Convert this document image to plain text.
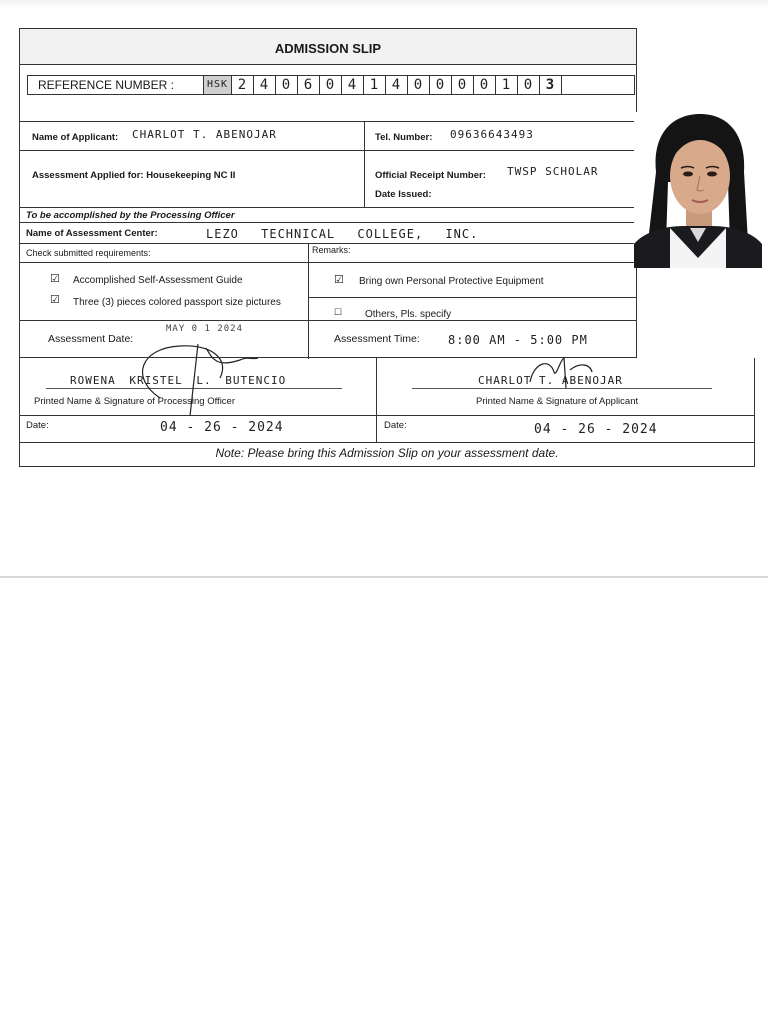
ADMISSION SLIP
REFERENCE NUMBER :	HSK 2 4 0 6 0 4 1 4 0 0 0 0 1 0 3
Name of Applicant: CHARLOT T. ABENOJAR	Tel. Number: 09636643493
Assessment Applied for: Housekeeping NC II	Official Receipt Number: TWSP SCHOLAR
Date Issued:
To be accomplished by the Processing Officer
Name of Assessment Center:	LEZO TECHNICAL COLLEGE, INC.
Check submitted requirements:	Remarks:
☑ Accomplished Self-Assessment Guide
☑ Three (3) pieces colored passport size pictures
☑ Bring own Personal Protective Equipment
☐ Others, Pls. specify
Assessment Date:
MAY 0 1 2024
Assessment Time: 8:00 AM - 5:00 PM
ROWENA KRISTEL L. BUTENCIO	CHARLOT T. ABENOJAR
Printed Name & Signature of Processing Officer	Printed Name & Signature of Applicant
Date:	04 - 26 - 2024	Date:	04 - 26 - 2024
Note: Please bring this Admission Slip on your assessment date.
